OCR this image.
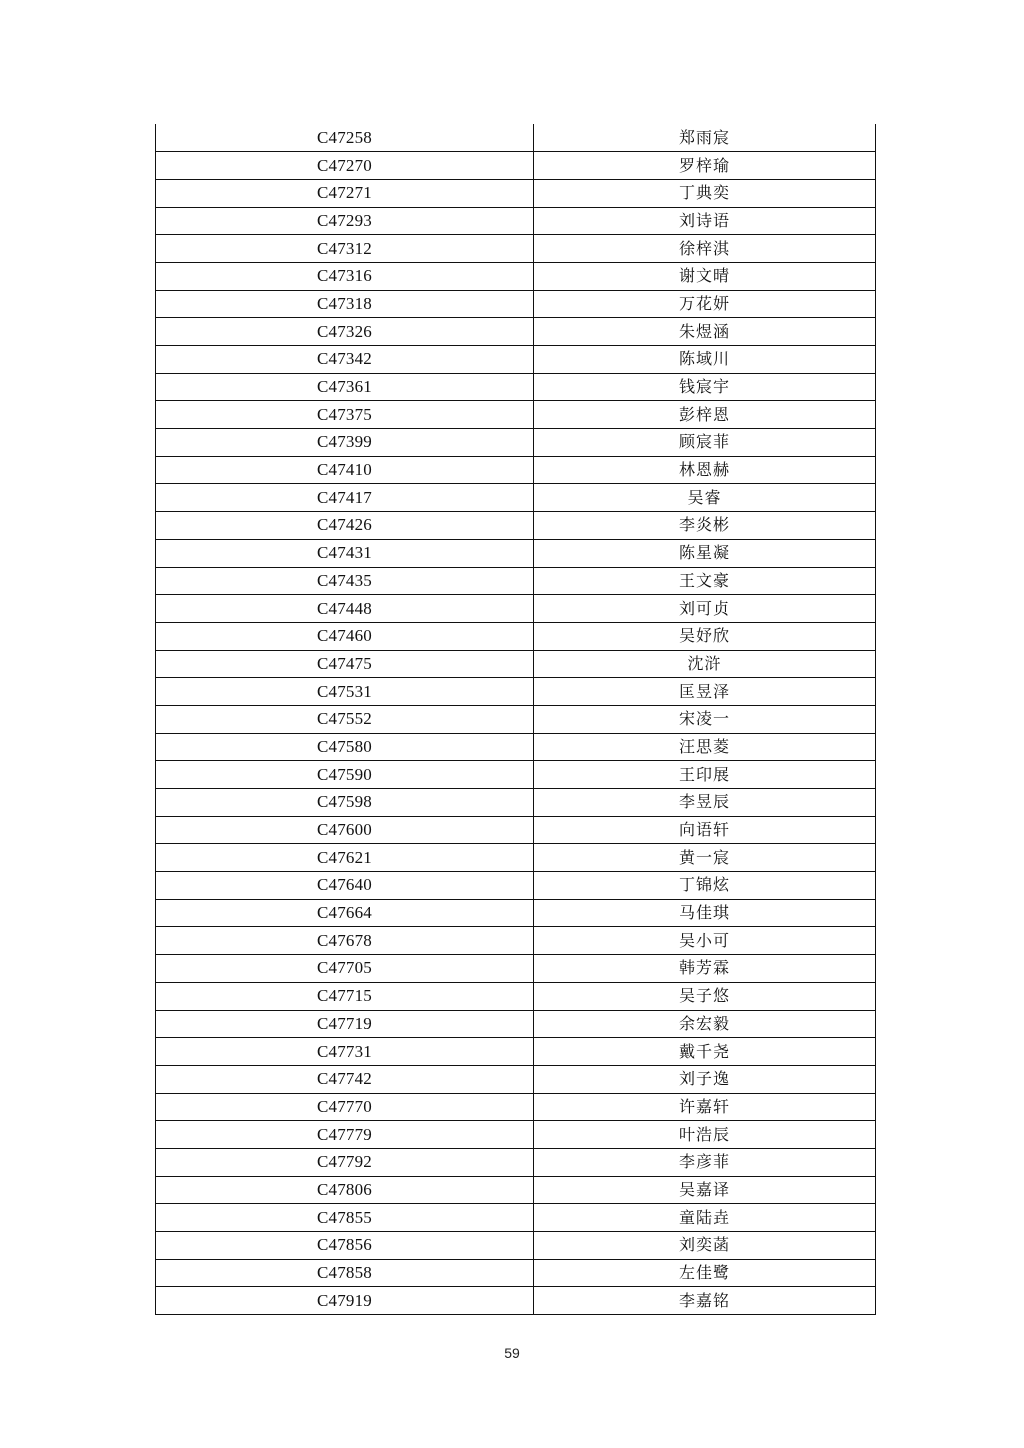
C47258	郑雨宸
C47270	罗梓瑜
C47271	丁典奕
C47293	刘诗语
C47312	徐梓淇
C47316	谢文晴
C47318	万花妍
C47326	朱煜涵
C47342	陈域川
C47361	钱宸宇
C47375	彭梓恩
C47399	顾宸菲
C47410	林恩赫
C47417	吴睿
C47426	李炎彬
C47431	陈星凝
C47435	王文豪
C47448	刘可贞
C47460	吴妤欣
C47475	沈浒
C47531	匡昱泽
C47552	宋凌一
C47580	汪思菱
C47590	王印展
C47598	李昱辰
C47600	向语轩
C47621	黄一宸
C47640	丁锦炫
C47664	马佳琪
C47678	吴小可
C47705	韩芳霖
C47715	吴子悠
C47719	余宏毅
C47731	戴千尧
C47742	刘子逸
C47770	许嘉轩
C47779	叶浩辰
C47792	李彦菲
C47806	吴嘉译
C47855	童陆垚
C47856	刘奕菡
C47858	左佳鹭
C47919	李嘉铭
59
